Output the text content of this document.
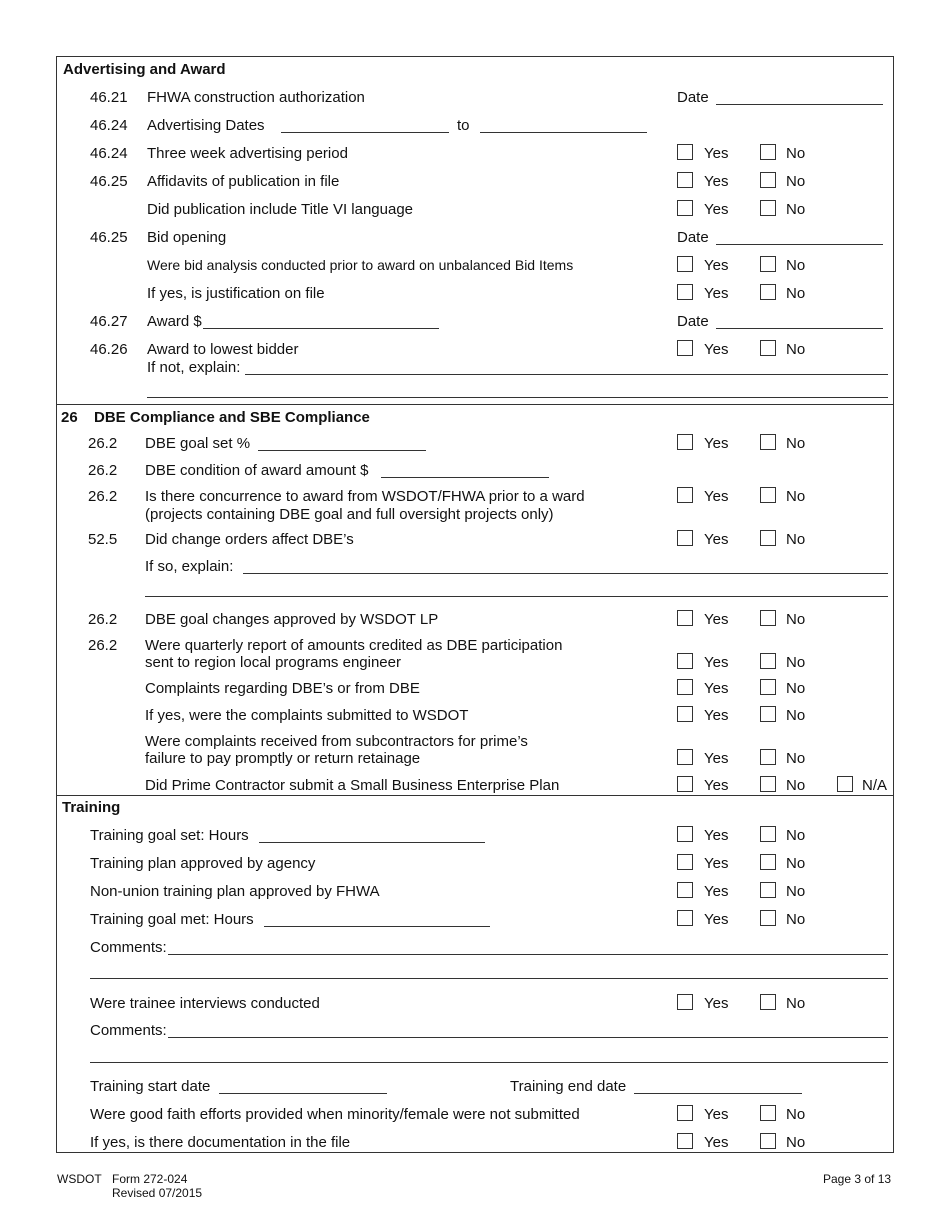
Advertising and Award
46.21 FHWA construction authorization	Date
46.24 Advertising Dates	to
46.24 Three week advertising period	Yes	No
46.25 Affidavits of publication in file	Yes	No
Did publication include Title VI language	Yes	No
46.25 Bid opening	Date
Were bid analysis conducted prior to award on unbalanced Bid Items	Yes	No
If yes, is justification on file	Yes	No
46.27 Award $	Date
46.26 Award to lowest bidder	Yes	No
If not, explain:
26 DBE Compliance and SBE Compliance
26.2 DBE goal set %	Yes	No
26.2 DBE condition of award amount $
26.2 Is there concurrence to award from WSDOT/FHWA prior to a ward
(projects containing DBE goal and full oversight projects only)
Yes	No
52.5 Did change orders affect DBE’s	Yes	No
If so, explain:
26.2 DBE goal changes approved by WSDOT LP	Yes	No
26.2 Were quarterly report of amounts credited as DBE participation
sent to region local programs engineer	Yes	No
Complaints regarding DBE’s or from DBE	Yes	No
If yes, were the complaints submitted to WSDOT	Yes	No
Were complaints received from subcontractors for prime’s
failure to pay promptly or return retainage	Yes	No
Did Prime Contractor submit a Small Business Enterprise Plan	Yes	No	N/A
Training
Training goal set: Hours	Yes	No
Training plan approved by agency	Yes	No
Non-union training plan approved by FHWA	Yes	No
Training goal met: Hours	Yes	No
Comments:
Were trainee interviews conducted	Yes	No
Comments:
Training start date	Training end date
Were good faith efforts provided when minority/female were not submitted	Yes	No
If yes, is there documentation in the file	Yes	No
WSDOT Form 272-024
Revised 07/2015
Page 3 of 13
